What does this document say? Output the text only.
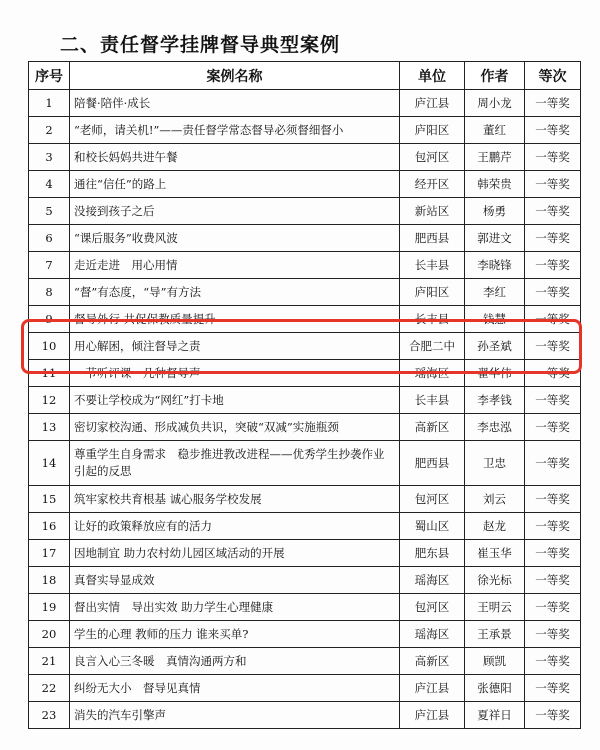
二、责任督学挂牌督导典型案例
序号	案例名称	单位	作者	等次
1	陪餐·陪伴·成长	庐江县	周小龙	一等奖
2	“老师，请关机!”——责任督学常态督导必须督细督小	庐阳区	董红	一等奖
3	和校长妈妈共进午餐	包河区	王鹏芹	一等奖
4	通往“信任”的路上	经开区	韩荣贵	一等奖
5	没接到孩子之后	新站区	杨勇	一等奖
6	“课后服务”收费风波	肥西县	郭进文	一等奖
7	走近走进　用心用情	长丰县	李晓锋	一等奖
8	“督”有态度，“导”有方法	庐阳区	李红	一等奖
9	督导外行 共促保教质量提升	长丰县	钱慧	一等奖
10	用心解困，倾注督导之责	合肥二中	孙圣斌	一等奖
11	一节听评课　几种督导声	瑶海区	翟华伟	一等奖
12	不要让学校成为“网红”打卡地	长丰县	李孝钱	一等奖
13	密切家校沟通、形成减负共识，突破“双减”实施瓶颈	高新区	李忠泓	一等奖
14	尊重学生自身需求　稳步推进教改进程——优秀学生抄袭作业引起的反思	肥西县	卫忠	一等奖
15	筑牢家校共育根基 诚心服务学校发展	包河区	刘云	一等奖
16	让好的政策释放应有的活力	蜀山区	赵龙	一等奖
17	因地制宜 助力农村幼儿园区域活动的开展	肥东县	崔玉华	一等奖
18	真督实导显成效	瑶海区	徐光标	一等奖
19	督出实情　导出实效 助力学生心理健康	包河区	王明云	一等奖
20	学生的心理 教师的压力 谁来买单?	瑶海区	王承景	一等奖
21	良言入心三冬暖　真情沟通两方和	高新区	顾凯	一等奖
22	纠纷无大小　督导见真情	庐江县	张德阳	一等奖
23	消失的汽车引擎声	庐江县	夏祥日	一等奖
